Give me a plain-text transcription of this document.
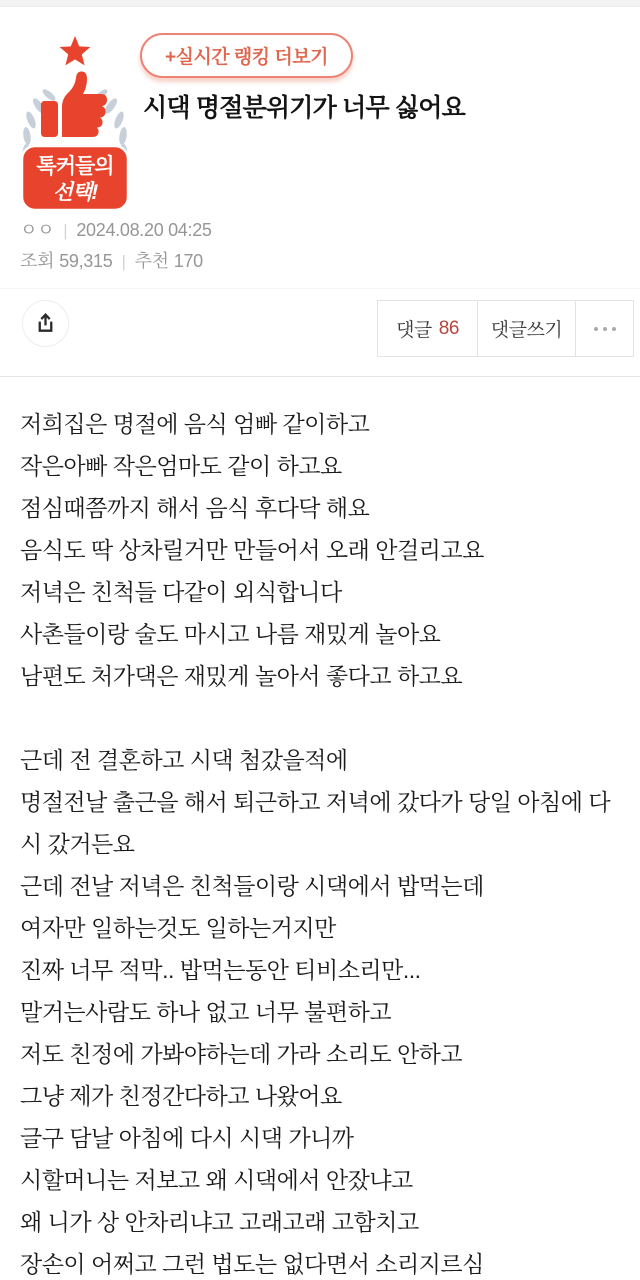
톡커들의
선택!
+실시간 랭킹 더보기
시댁 명절분위기가 너무 싫어요
ㅇㅇ | 2024.08.20 04:25
조회 59,315 | 추천 170
댓글 86	댓글쓰기

저희집은 명절에 음식 엄빠 같이하고

작은아빠 작은엄마도 같이 하고요

점심때쯤까지 해서 음식 후다닥 해요

음식도 딱 상차릴거만 만들어서 오래 안걸리고요

저녁은 친척들 다같이 외식합니다

사촌들이랑 술도 마시고 나름 재밌게 놀아요

남편도 처가댁은 재밌게 놀아서 좋다고 하고요

근데 전 결혼하고 시댁 첨갔을적에

명절전날 출근을 해서 퇴근하고 저녁에 갔다가 당일 아침에 다시 갔거든요

근데 전날 저녁은 친척들이랑 시댁에서 밥먹는데

여자만 일하는것도 일하는거지만

진짜 너무 적막.. 밥먹는동안 티비소리만...

말거는사람도 하나 없고 너무 불편하고

저도 친정에 가봐야하는데 가라 소리도 안하고

그냥 제가 친정간다하고 나왔어요

글구 담날 아침에 다시 시댁 가니까

시할머니는 저보고 왜 시댁에서 안잤냐고

왜 니가 상 안차리냐고 고래고래 고함치고

장손이 어쩌고 그런 법도는 없다면서 소리지르심
